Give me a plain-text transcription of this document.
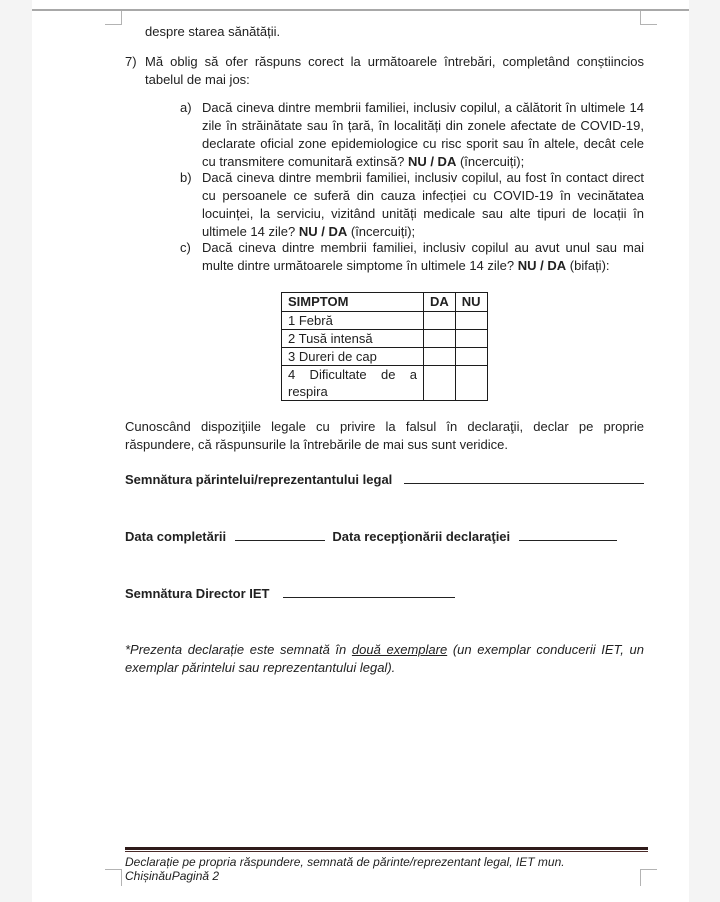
despre starea sănătății.
7) Mă oblig să ofer răspuns corect la următoarele întrebări, completând conștiincios tabelul de mai jos:
a) Dacă cineva dintre membrii familiei, inclusiv copilul, a călătorit în ultimele 14 zile în străinătate sau în țară, în localități din zonele afectate de COVID-19, declarate oficial zone epidemiologice cu risc sporit sau în altele, decât cele cu transmitere comunitară extinsă? NU / DA (încercuiți);
b) Dacă cineva dintre membrii familiei, inclusiv copilul, au fost în contact direct cu persoanele ce suferă din cauza infecției cu COVID-19 în vecinătatea locuinței, la serviciu, vizitând unități medicale sau alte tipuri de locații în ultimele 14 zile? NU / DA (încercuiți);
c) Dacă cineva dintre membrii familiei, inclusiv copilul au avut unul sau mai multe dintre următoarele simptome în ultimele 14 zile? NU / DA (bifați):
SIMPTOM	DA	NU
1 Febră		
2 Tusă intensă		
3 Dureri de cap		
4 Dificultate de a respira		
Cunoscând dispoziţiile legale cu privire la falsul în declaraţii, declar pe proprie răspundere, că răspunsurile la întrebările de mai sus sunt veridice.
Semnătura părintelui/reprezentantului legal
Data completării	Data recepţionării declaraţiei
Semnătura Director IET
*Prezenta declarație este semnată în două exemplare (un exemplar conducerii IET, un exemplar părintelui sau reprezentantului legal).
Declarație pe propria răspundere, semnată de părinte/reprezentant legal, IET mun.
ChișinăuPagină 2
